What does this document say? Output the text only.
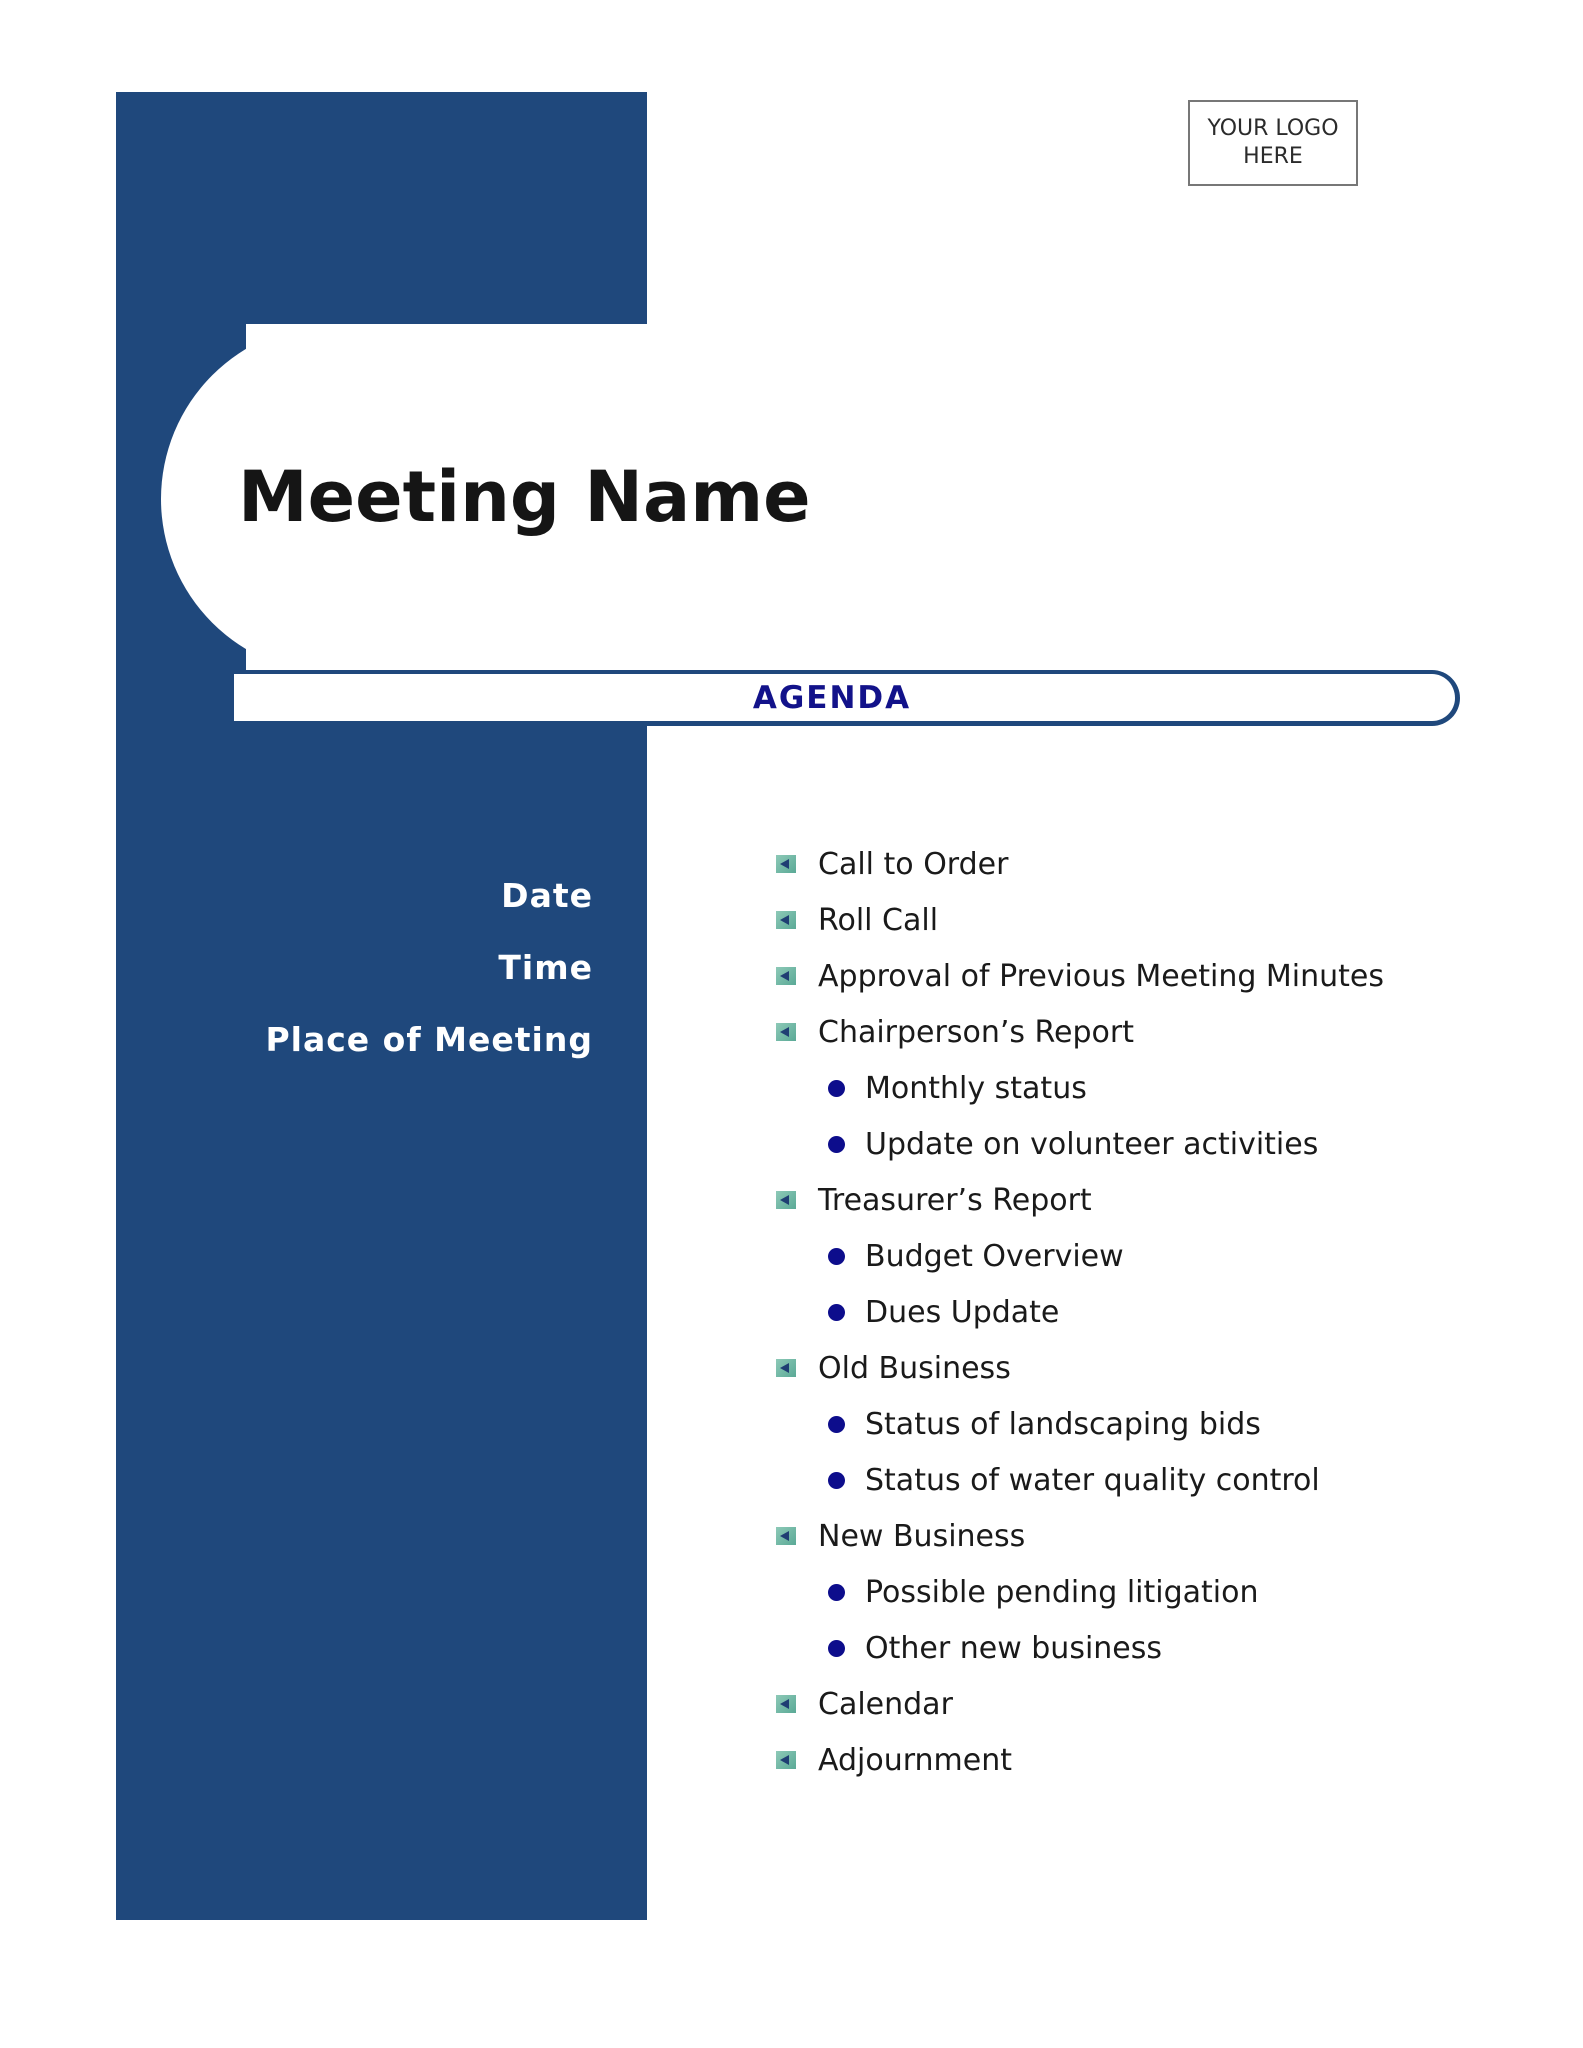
YOUR LOGO
HERE
Meeting Name
AGENDA
Date
Time
Place of Meeting
Call to Order
Roll Call
Approval of Previous Meeting Minutes
Chairperson’s Report
Monthly status
Update on volunteer activities
Treasurer’s Report
Budget Overview
Dues Update
Old Business
Status of landscaping bids
Status of water quality control
New Business
Possible pending litigation
Other new business
Calendar
Adjournment
